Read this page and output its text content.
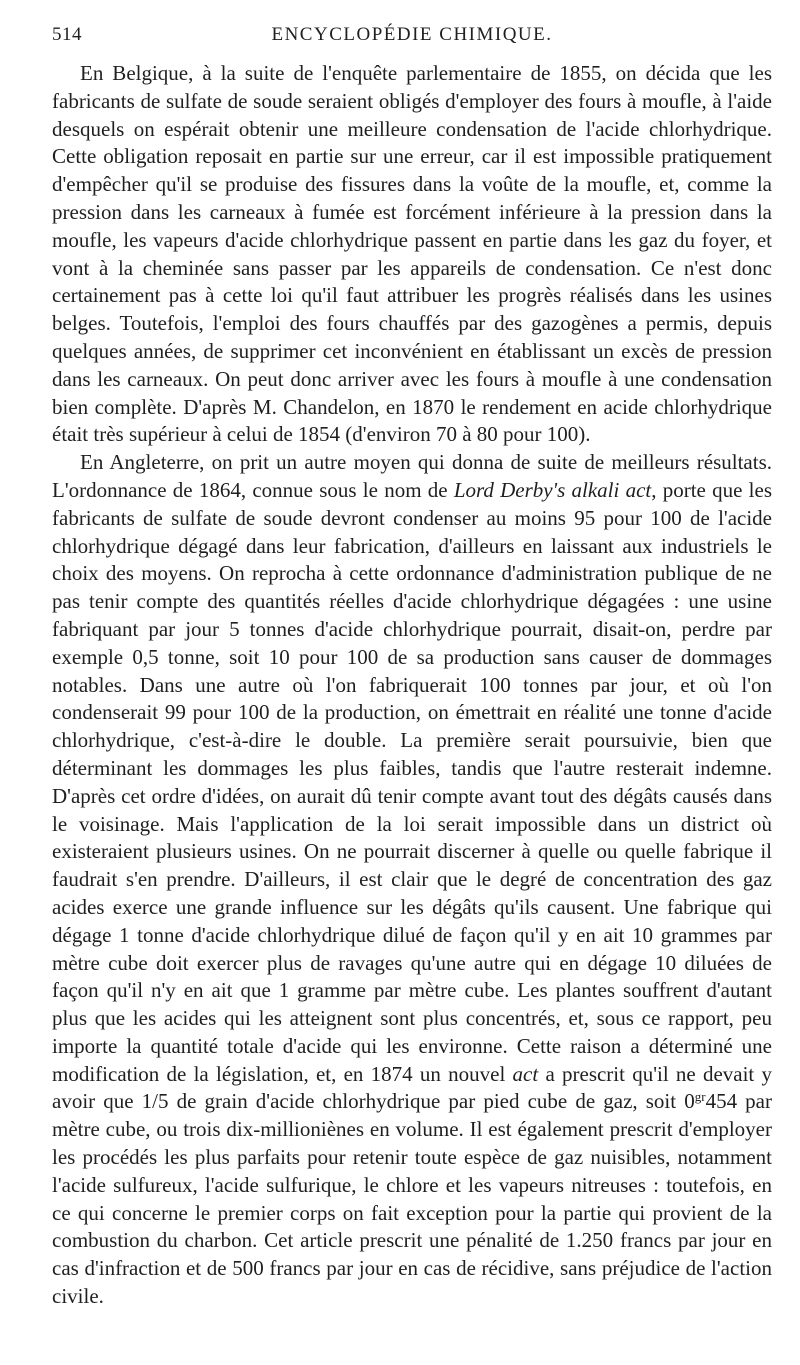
514	ENCYCLOPÉDIE CHIMIQUE.

En Belgique, à la suite de l'enquête parlementaire de 1855, on décida que les fabricants de sulfate de soude seraient obligés d'employer des fours à moufle, à l'aide desquels on espérait obtenir une meilleure condensation de l'acide chlorhydrique. Cette obligation reposait en partie sur une erreur, car il est impossible pratiquement d'empêcher qu'il se produise des fissures dans la voûte de la moufle, et, comme la pression dans les carneaux à fumée est forcément inférieure à la pression dans la moufle, les vapeurs d'acide chlorhydrique passent en partie dans les gaz du foyer, et vont à la cheminée sans passer par les appareils de condensation. Ce n'est donc certainement pas à cette loi qu'il faut attribuer les progrès réalisés dans les usines belges. Toutefois, l'emploi des fours chauffés par des gazogènes a permis, depuis quelques années, de supprimer cet inconvénient en établissant un excès de pression dans les carneaux. On peut donc arriver avec les fours à moufle à une condensation bien complète. D'après M. Chandelon, en 1870 le rendement en acide chlorhydrique était très supérieur à celui de 1854 (d'environ 70 à 80 pour 100).

En Angleterre, on prit un autre moyen qui donna de suite de meilleurs résultats. L'ordonnance de 1864, connue sous le nom de Lord Derby's alkali act, porte que les fabricants de sulfate de soude devront condenser au moins 95 pour 100 de l'acide chlorhydrique dégagé dans leur fabrication, d'ailleurs en laissant aux industriels le choix des moyens. On reprocha à cette ordonnance d'administration publique de ne pas tenir compte des quantités réelles d'acide chlorhydrique dégagées : une usine fabriquant par jour 5 tonnes d'acide chlorhydrique pourrait, disait-on, perdre par exemple 0,5 tonne, soit 10 pour 100 de sa production sans causer de dommages notables. Dans une autre où l'on fabriquerait 100 tonnes par jour, et où l'on condenserait 99 pour 100 de la production, on émettrait en réalité une tonne d'acide chlorhydrique, c'est-à-dire le double. La première serait poursuivie, bien que déterminant les dommages les plus faibles, tandis que l'autre resterait indemne. D'après cet ordre d'idées, on aurait dû tenir compte avant tout des dégâts causés dans le voisinage. Mais l'application de la loi serait impossible dans un district où existeraient plusieurs usines. On ne pourrait discerner à quelle ou quelle fabrique il faudrait s'en prendre. D'ailleurs, il est clair que le degré de concentration des gaz acides exerce une grande influence sur les dégâts qu'ils causent. Une fabrique qui dégage 1 tonne d'acide chlorhydrique dilué de façon qu'il y en ait 10 grammes par mètre cube doit exercer plus de ravages qu'une autre qui en dégage 10 diluées de façon qu'il n'y en ait que 1 gramme par mètre cube. Les plantes souffrent d'autant plus que les acides qui les atteignent sont plus concentrés, et, sous ce rapport, peu importe la quantité totale d'acide qui les environne. Cette raison a déterminé une modification de la législation, et, en 1874 un nouvel act a prescrit qu'il ne devait y avoir que 1/5 de grain d'acide chlorhydrique par pied cube de gaz, soit $0^{gr}454$ par mètre cube, ou trois dix-millioniènes en volume. Il est également prescrit d'employer les procédés les plus parfaits pour retenir toute espèce de gaz nuisibles, notamment l'acide sulfureux, l'acide sulfurique, le chlore et les vapeurs nitreuses : toutefois, en ce qui concerne le premier corps on fait exception pour la partie qui provient de la combustion du charbon. Cet article prescrit une pénalité de 1.250 francs par jour en cas d'infraction et de 500 francs par jour en cas de récidive, sans préjudice de l'action civile.
